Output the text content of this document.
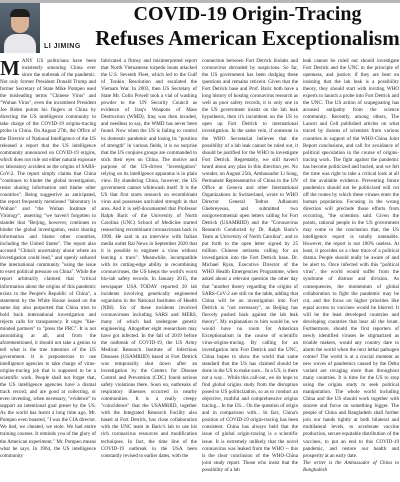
LI JIMING
COVID-19 Origin-Tracing
Refuses American Exceptionalism

MANY US politicians have been insistently smearing China ever since the outbreak of the pandemic. Not only former President Donald Trump and former Secretary of State Mike Pompeo used the misleading terms "Chinese Virus" and "Wuhan Virus", even the incumbent President Joe Biden points his fingers at China by directing the US intelligence community to take charge of the COVID-19 origins-tracing probe in China. On August 27th, the Office of the Director of National Intelligence of the US released a report that the US intelligence community announced on COVID-19 origins, which does not rule out either natural exposure or laboratory accident as the origins of SARS-CoV-2. The report simply claims that China "continues to hinder the global investigation, resist sharing information and blame other countries". Being suggestive as anticipated, the report frequently mentioned "laboratory in Wuhan" and "the Wuhan Institute of Virology", asserting "we haven't forgotten to slander that "Beijing, however, continues to hinder the global investigation, resist sharing information and blame other countries, including the United States". The report also accused "China's uncertainty about where an investigation could lead," and openly seduced the international community "using the issue to exert political pressure on China". While the report arbitrarily claimed that "critical information about the origins of this pandemic exists in the People's Republic of China", a statement by the White House issued on the same day also purported that China tries to hold back international investigation and rejects calls for transparency. It urges "like-minded partners" to "press the PRC". It is not astonishing at all, and from the aforementioned, it should not take a genius to tell what is the true intention of the US government. It is preposterous to use intelligence agencies to take charge of virus-origins-tracing job that is supposed to be a scientific work. People shall not forget that, the US intelligence agencies have a dismal track record, and are good at collecting, or even inventing, when necessary, "evidence" to support an intentional goal preset by the US. As the world has learnt a long time ago, Mr. Pompeo even boasted, "I was the CIA director. We lied, we cheated, we stole. We had entire training courses. It reminds you of the glory of the American experiment." Mr. Pompeo means what he says. In 1964, the US intelligence community

fabricated a flimsy and misinterpreted report that North Vietnamese torpedo boats attacked the U.S. Seventh Fleet, which led to the Gulf of Tonkin Resolution and escalated the Vietnam War. In 2003, then US Secretary of State Mr. Colin Powell took a vial of washing powder to the UN Security Council as evidence of Iraq's Weapons of Mass Destruction (WMD), Iraq was then invaded, and needless to say, the WMD has never been found. Now when the US is failing to control its domestic pandemic and losing its "position of strength" in various fields, it is no surprise that the US conjures groups are commanded to stick their eyes on China. The motive and purpose of the US-driven "investigation" relying on its intelligence apparatus is in plain view. By slandering China, however, the US government cannot whitewash itself. It is the US that first starts research on recombinant virus and possesses unrivaled strength in that area. And it is self-documented that Professor Ralph Baric of the University of North Carolina (UNC) School of Medicine started researching recombinant coronaviruses back in 1990. He said in an interview with Italian media outlet Rai News in September 2020 that it is possible to engineer a virus without leaving a trace". Meanwhile, incompatible with its cutting-edge ability in recombining coronaviruses, the US keeps the world's worst bio-lab safety records. In January 2015, the newspaper USA TODAY reported 20 lab incidents involving genetically engineered organisms in the National Institutes of Health (NIH). Six of these incidents involved coronaviruses including SARS and MERS, many of which had undergone genetic engineering. Altogether eight researchers may have got infected. In the fall of 2019 before the outbreak of COVID-19, the US Army Medical Research Institute of Infectious Diseases (USAMRIID) based at Fort Detrick was temporarily shut down after an investigation by the Centers for Disease Control and Prevention (CDC) found serious safety violations there. Soon on, outbreaks of respiratory illnesses occurred in nearby communities. It is a really creepy "coincidence" that the USAMRIID, together with the Integrated Research Facility also based at Fort Detrick, has close collaboration with the UNC team in Baric's lab to use his rich coronavirus resources and modification techniques. In fact, the time line of the COVID-19 outbreak in the USA been constantly revised to earlier dates, with the

connection between Fort Detrick biolabs and coronavirus shrouded by suspicions. So far, the US government has been dodging these questions and remains reticent. Given that the Fort Detrick base and Prof. Baric both have a long history of hosting coronavirus research as well as poor safety records, it is only one in the US government insists on the lab leak hypothesis, then it's incumbent on the US to open up Fort Detrick to international investigation. In the same vein, if someone in the WHO Secretariat believes that the possibility of a lab leak cannot be ruled out, it should be justified for the WHO to investigate Fort Detrick. Regrettably, we still haven't heard about any plan in this direction yet. No wonder, on August 25th, Ambassador Li Song, Permanent Representative of China to the UN Office at Geneva and other International Organizations in Switzerland, wrote to WHO Director General Tedros Adhanom Ghebreyesus, and submitted two nongovernmental open letters calling for Fort Detrick (USAMRIID) and the "Coronavirus Research Conducted by Dr. Ralph Baric's Team at University of North Carolina", and to put forth to the open letter signed by 25 million Chinese netizens calling for an investigation into the Fort Detrick base. Dr. Michael Ryan, Executive Director of the WHO Health Emergencies Programme, when asked about a relevant question the other day that "another theory regarding the origins of SARS-CoV-2 are still on the table, adding that China will be an investigation into Fort Detrick is "not necessary", as Beijing has fiercely pushed back against the lab leak theory". My explanation to him would be, we would have no room for American Exceptionalism in the course of scientific virus-origins-tracing. By calling for an investigation into Fort Detrick and the UNC, China hopes to show the world that same standard that the US has claimed should be done in the US to make sure... In a US, is there not a way... While this call-out, we do hope to find global origins study from the disruption posed to US politicization, so as to conduct an objective, truthful and comprehensive origins tracing... In the US... On the question of origin and in comparison with... In fact, China's position of COVID-19 origin-tracing has been consistent. China has always held that the issue of global origin-tracing is a scientific issue. It is extremely unlikely that the novel coronavirus was leaked from the WHO -- this is the clear conclusion of the WHO-China joint study report. Those who insist that the possibility of a lab

leak cannot be ruled out should investigate Fort Detrick and the UNC in the principle of openness, and justice; if they are bent on insisting that the lab leak is a possibility theory, they should start with inviting WHO experts to launch a probe into Fort Detrick and the UNC. The US action of scapegoating has aroused antipathy from the science community. Recently, among others, The Lancet and Cell published articles on what traced by dozens of scientists from various countries in support of the WHO-China Joint Report conclusions, and call for avoidance of political speculation in the course of origins-tracing work. The fight against the pandemic has become politicized and buried, and we felt the time was right to take a critical look at all of the available evidence. Preventing future pandemics should not be politicized will cut off the routes by which these viruses enter the human population. Focusing in the wrong direction will preclude those efforts from occurring, "the scientists said. Given the points, rational people in the US government may come to the conclusion that, the US intelligence report is totally untenable. However, the report is not 100% useless. At least, it provides us a clear trace of a political drama. People should really be aware of and be alert to. Once infected with this "political virus", the world would suffer from the syndrome of distrust and division. As consequences, the momentum of global collaboration to fight the pandemic may be cut, and the focus on higher priorities like equal access to vaccines would be blurred. It will be the least developed countries and developing countries that bear all the brunt. Furthermore, should the first reporters of newly identified viruses be stigmatized as trouble makers, would any country dare to alarm the world when the next lethal pathogen comes? The world is at a crucial moment as new waves of pandemics caused by the Delta variant are ravaging more than throughout many countries. It is time for the US to stop using the origins study to seek political manipulation. The whole world including China and the US should work together with sincere and focus on something bigger. The people of China and Bangladesh shall further join our hands tightly at both bilateral and multilateral levels, to accelerate vaccine production, secure equitable distribution of the vaccines, to put an end to this COVID-19 pandemic, and restore our health and prosperity at an early date.

The writer is the Ambassador of China to Bangladesh
